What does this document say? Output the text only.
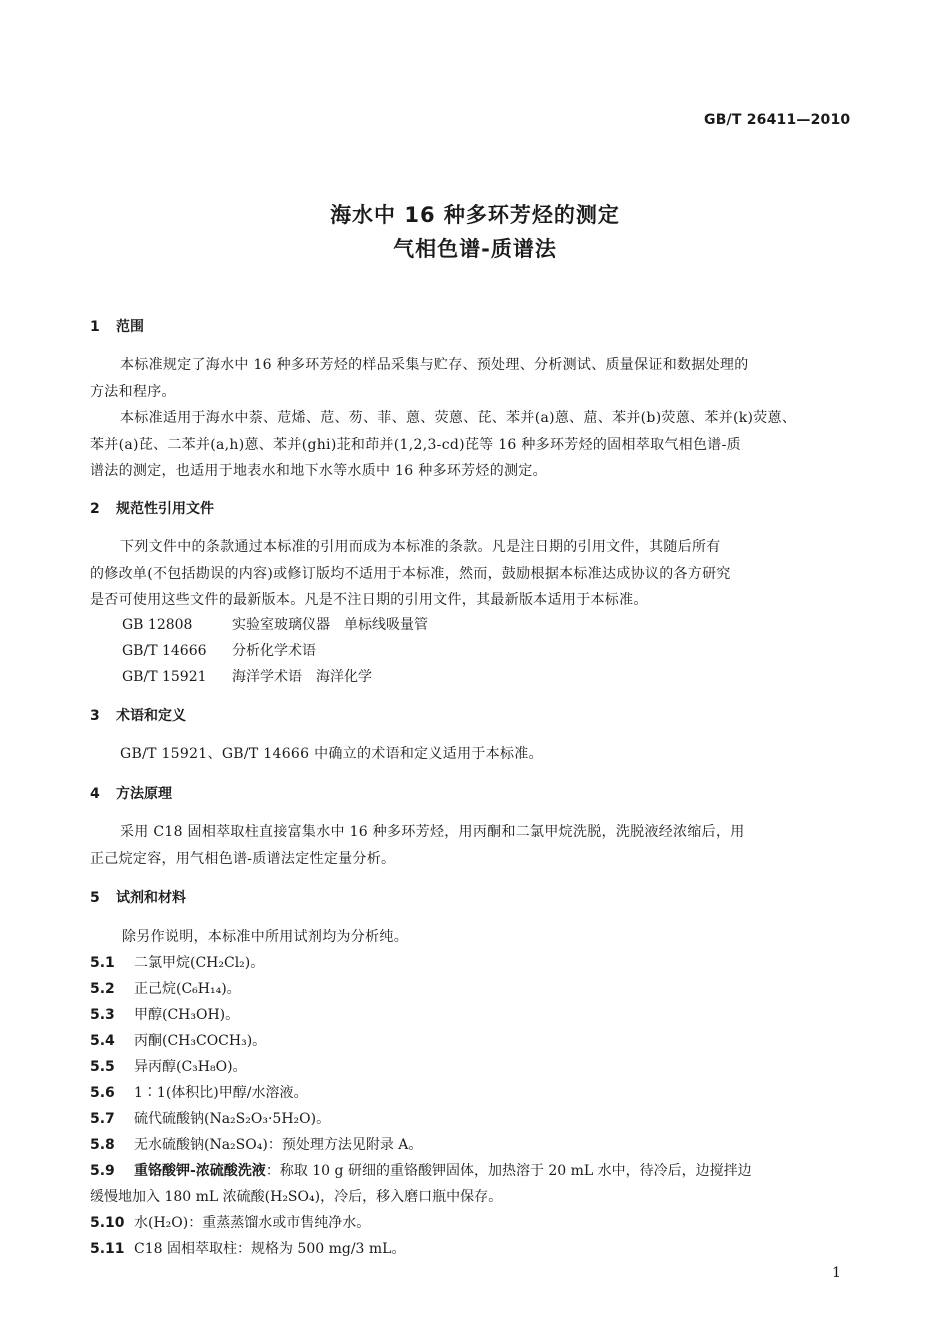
GB/T 26411—2010
海水中 16 种多环芳烃的测定
气相色谱-质谱法
1 范围
本标准规定了海水中 16 种多环芳烃的样品采集与贮存、预处理、分析测试、质量保证和数据处理的
方法和程序。
本标准适用于海水中萘、苊烯、苊、芴、菲、蒽、荧蒽、芘、苯并(a)蒽、䓛、苯并(b)荧蒽、苯并(k)荧蒽、
苯并(a)芘、二苯并(a,h)蒽、苯并(ghi)苝和茚并(1,2,3-cd)芘等 16 种多环芳烃的固相萃取气相色谱-质
谱法的测定，也适用于地表水和地下水等水质中 16 种多环芳烃的测定。
2 规范性引用文件
下列文件中的条款通过本标准的引用而成为本标准的条款。凡是注日期的引用文件，其随后所有
的修改单(不包括勘误的内容)或修订版均不适用于本标准，然而，鼓励根据本标准达成协议的各方研究
是否可使用这些文件的最新版本。凡是不注日期的引用文件，其最新版本适用于本标准。
GB 12808	实验室玻璃仪器　单标线吸量管
GB/T 14666 分析化学术语
GB/T 15921 海洋学术语　海洋化学
3 术语和定义
GB/T 15921、GB/T 14666 中确立的术语和定义适用于本标准。
4 方法原理
采用 C18 固相萃取柱直接富集水中 16 种多环芳烃，用丙酮和二氯甲烷洗脱，洗脱液经浓缩后，用
正己烷定容，用气相色谱-质谱法定性定量分析。
5 试剂和材料
除另作说明，本标准中所用试剂均为分析纯。
5.1 二氯甲烷(CH₂Cl₂)。
5.2 正己烷(C₆H₁₄)。
5.3 甲醇(CH₃OH)。
5.4 丙酮(CH₃COCH₃)。
5.5 异丙醇(C₃H₈O)。
5.6 1∶1(体积比)甲醇/水溶液。
5.7 硫代硫酸钠(Na₂S₂O₃·5H₂O)。
5.8 无水硫酸钠(Na₂SO₄)：预处理方法见附录 A。
5.9 重铬酸钾-浓硫酸洗液：称取 10 g 研细的重铬酸钾固体，加热溶于 20 mL 水中，待冷后，边搅拌边
缓慢地加入 180 mL 浓硫酸(H₂SO₄)，冷后，移入磨口瓶中保存。
5.10 水(H₂O)：重蒸蒸馏水或市售纯净水。
5.11 C18 固相萃取柱：规格为 500 mg/3 mL。
1
